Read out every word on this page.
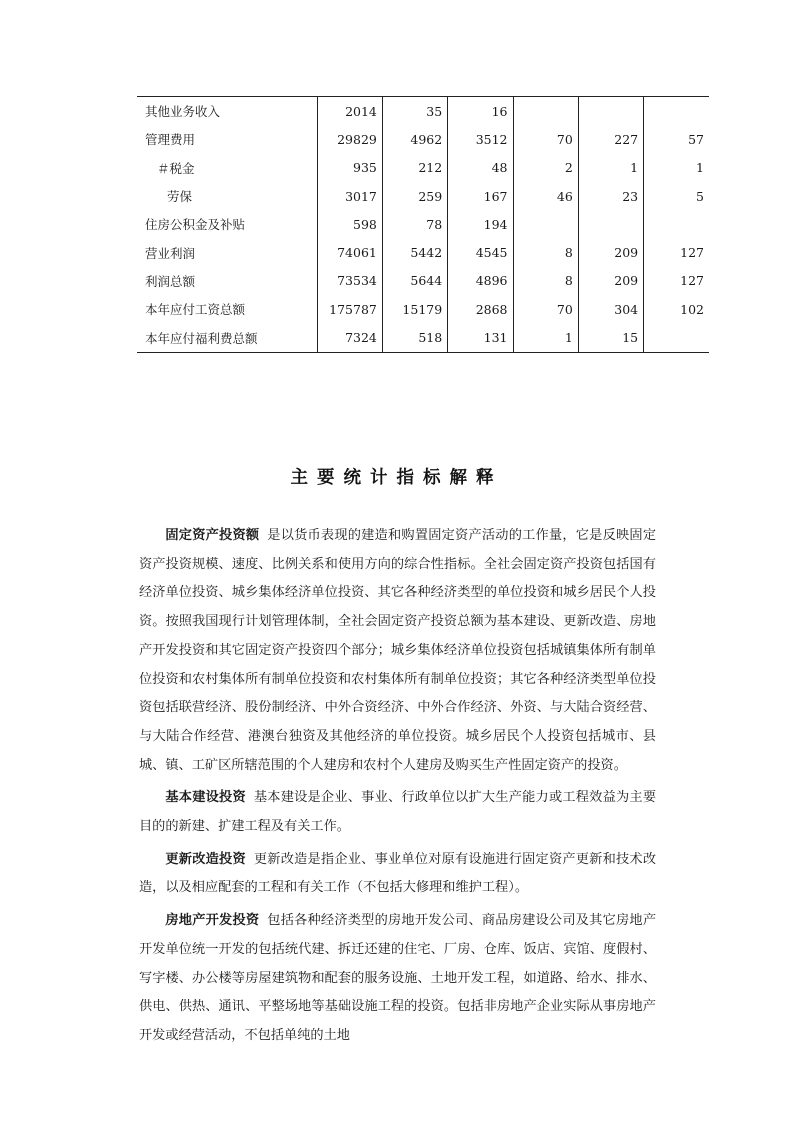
其他业务收入	2014	35	16			
管理费用	29829	4962	3512	70	227	57
＃税金	935	212	48	2	1	1
劳保	3017	259	167	46	23	5
住房公积金及补贴	598	78	194			
营业利润	74061	5442	4545	8	209	127
利润总额	73534	5644	4896	8	209	127
本年应付工资总额	175787	15179	2868	70	304	102
本年应付福利费总额	7324	518	131	1	15	
主要统计指标解释

固定资产投资额 是以货币表现的建造和购置固定资产活动的工作量，它是反映固定资产投资规模、速度、比例关系和使用方向的综合性指标。全社会固定资产投资包括国有经济单位投资、城乡集体经济单位投资、其它各种经济类型的单位投资和城乡居民个人投资。按照我国现行计划管理体制，全社会固定资产投资总额为基本建设、更新改造、房地产开发投资和其它固定资产投资四个部分；城乡集体经济单位投资包括城镇集体所有制单位投资和农村集体所有制单位投资和农村集体所有制单位投资；其它各种经济类型单位投资包括联营经济、股份制经济、中外合资经济、中外合作经济、外资、与大陆合资经营、与大陆合作经营、港澳台独资及其他经济的单位投资。城乡居民个人投资包括城市、县城、镇、工矿区所辖范围的个人建房和农村个人建房及购买生产性固定资产的投资。

基本建设投资 基本建设是企业、事业、行政单位以扩大生产能力或工程效益为主要目的的新建、扩建工程及有关工作。

更新改造投资 更新改造是指企业、事业单位对原有设施进行固定资产更新和技术改造，以及相应配套的工程和有关工作（不包括大修理和维护工程）。

房地产开发投资 包括各种经济类型的房地开发公司、商品房建设公司及其它房地产开发单位统一开发的包括统代建、拆迁还建的住宅、厂房、仓库、饭店、宾馆、度假村、写字楼、办公楼等房屋建筑物和配套的服务设施、土地开发工程，如道路、给水、排水、供电、供热、通讯、平整场地等基础设施工程的投资。包括非房地产企业实际从事房地产开发或经营活动，不包括单纯的土地
